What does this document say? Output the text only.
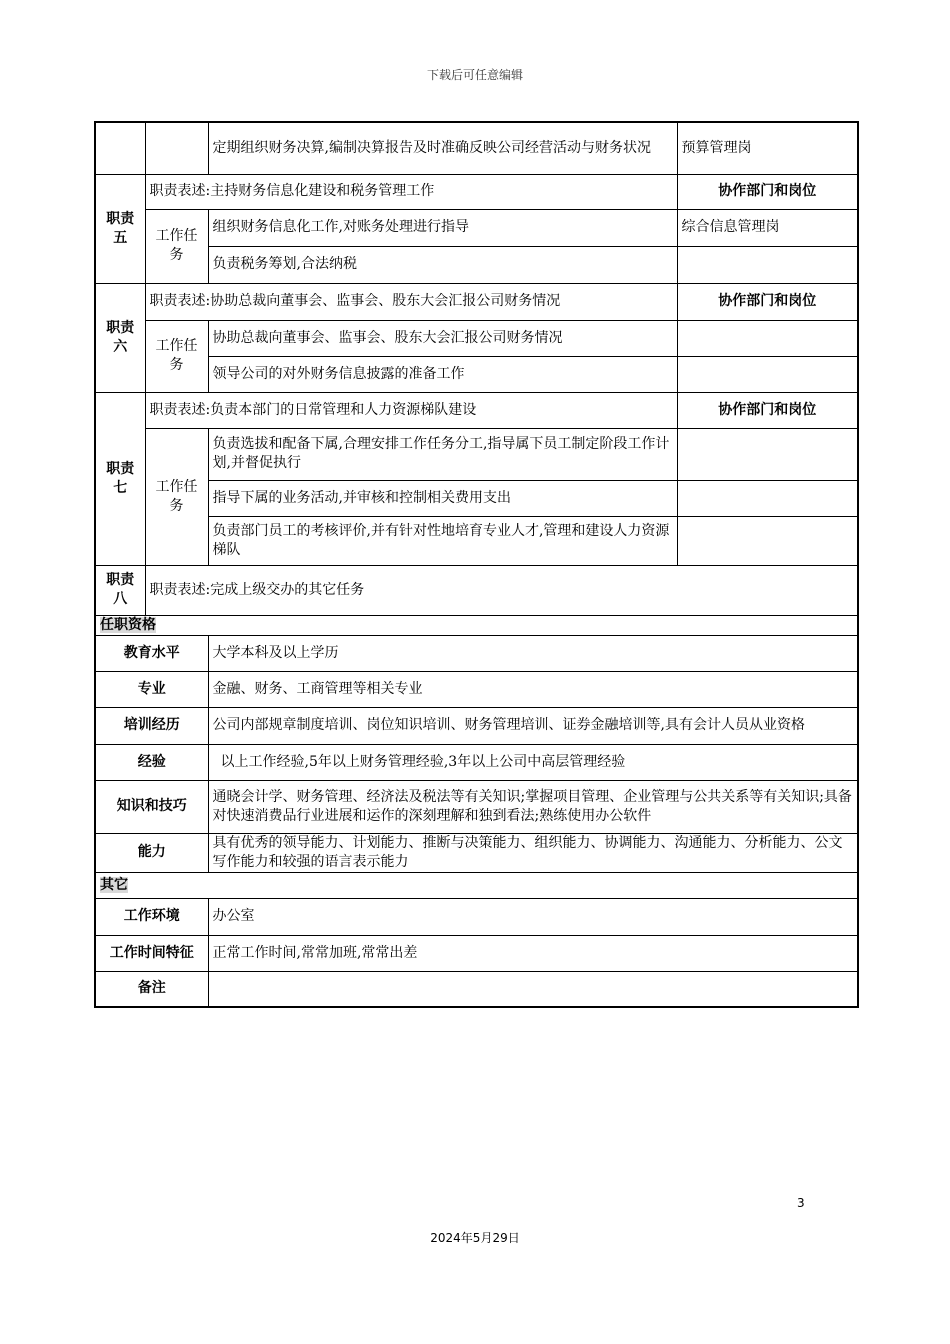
下载后可任意编辑
		定期组织财务决算,编制决算报告及时准确反映公司经营活动与财务状况	预算管理岗
职责五	职责表述:主持财务信息化建设和税务管理工作		协作部门和岗位
	工作任务	组织财务信息化工作,对账务处理进行指导	综合信息管理岗
		负责税务筹划,合法纳税	
职责六	职责表述:协助总裁向董事会、监事会、股东大会汇报公司财务情况		协作部门和岗位
	工作任务	协助总裁向董事会、监事会、股东大会汇报公司财务情况	
		领导公司的对外财务信息披露的准备工作	
职责七	职责表述:负责本部门的日常管理和人力资源梯队建设		协作部门和岗位
	工作任务	负责选拔和配备下属,合理安排工作任务分工,指导属下员工制定阶段工作计划,并督促执行	
		指导下属的业务活动,并审核和控制相关费用支出	
		负责部门员工的考核评价,并有针对性地培育专业人才,管理和建设人力资源梯队	
职责八	职责表述:完成上级交办的其它任务		
任职资格			
教育水平		大学本科及以上学历	
专业		金融、财务、工商管理等相关专业	
培训经历		公司内部规章制度培训、岗位知识培训、财务管理培训、证券金融培训等,具有会计人员从业资格	
经验		以上工作经验,5年以上财务管理经验,3年以上公司中高层管理经验	
知识和技巧		通晓会计学、财务管理、经济法及税法等有关知识;掌握项目管理、企业管理与公共关系等有关知识;具备对快速消费品行业进展和运作的深刻理解和独到看法;熟练使用办公软件	
能力		具有优秀的领导能力、计划能力、推断与决策能力、组织能力、协调能力、沟通能力、分析能力、公文写作能力和较强的语言表示能力	
其它			
工作环境		办公室	
工作时间特征		正常工作时间,常常加班,常常出差	
备注			
3
2024年5月29日
